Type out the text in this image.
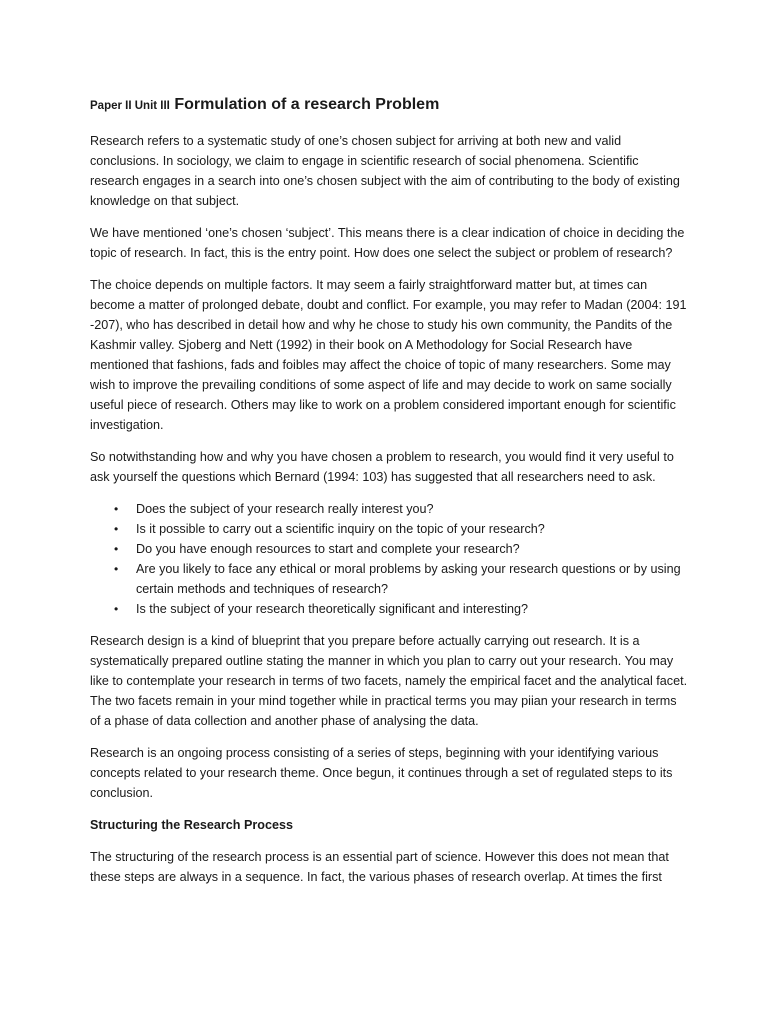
Paper II Unit III Formulation of a research Problem

Research refers to a systematic study of one’s chosen subject for arriving at both new and valid conclusions. In sociology, we claim to engage in scientific research of social phenomena. Scientific research engages in a search into one’s chosen subject with the aim of contributing to the body of existing knowledge on that subject.

We have mentioned ‘one’s chosen ‘subject’. This means there is a clear indication of choice in deciding the topic of research. In fact, this is the entry point. How does one select the subject or problem of research?

The choice depends on multiple factors. It may seem a fairly straightforward matter but, at times can become a matter of prolonged debate, doubt and conflict. For example, you may refer to Madan (2004: 191 -207), who has described in detail how and why he chose to study his own community, the Pandits of the Kashmir valley. Sjoberg and Nett (1992) in their book on A Methodology for Social Research have mentioned that fashions, fads and foibles may affect the choice of topic of many researchers. Some may wish to improve the prevailing conditions of some aspect of life and may decide to work on same socially useful piece of research. Others may like to work on a problem considered important enough for scientific investigation.

So notwithstanding how and why you have chosen a problem to research, you would find it very useful to ask yourself the questions which Bernard (1994: 103) has suggested that all researchers need to ask.

• Does the subject of your research really interest you?
• Is it possible to carry out a scientific inquiry on the topic of your research?
• Do you have enough resources to start and complete your research?
• Are you likely to face any ethical or moral problems by asking your research questions or by using certain methods and techniques of research?
• Is the subject of your research theoretically significant and interesting?

Research design is a kind of blueprint that you prepare before actually carrying out research. It is a systematically prepared outline stating the manner in which you plan to carry out your research. You may like to contemplate your research in terms of two facets, namely the empirical facet and the analytical facet. The two facets remain in your mind together while in practical terms you may piian your research in terms of a phase of data collection and another phase of analysing the data.

Research is an ongoing process consisting of a series of steps, beginning with your identifying various concepts related to your research theme. Once begun, it continues through a set of regulated steps to its conclusion.

Structuring the Research Process

The structuring of the research process is an essential part of science. However this does not mean that these steps are always in a sequence. In fact, the various phases of research overlap. At times the first
